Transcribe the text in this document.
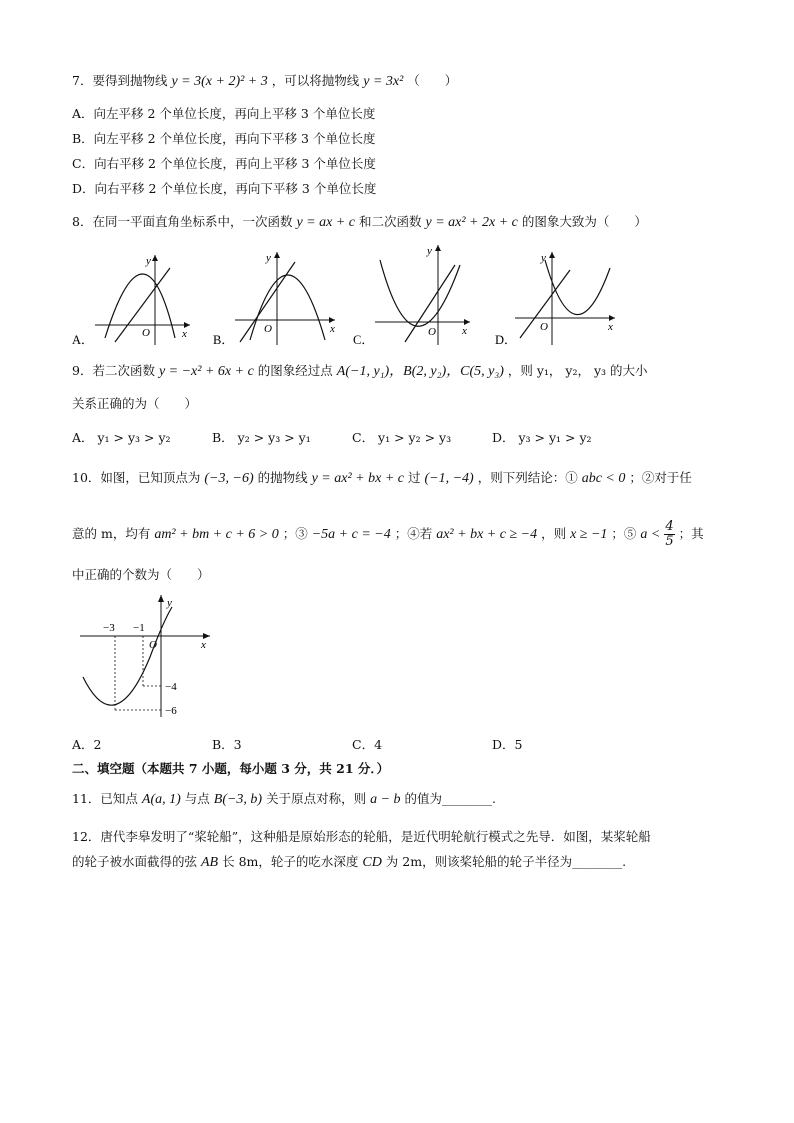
7．要得到抛物线 y = 3(x + 2)² + 3 ，可以将抛物线 y = 3x² （　　）
A．向左平移 2 个单位长度，再向上平移 3 个单位长度
B．向左平移 2 个单位长度，再向下平移 3 个单位长度
C．向右平移 2 个单位长度，再向上平移 3 个单位长度
D．向右平移 2 个单位长度，再向下平移 3 个单位长度
8．在同一平面直角坐标系中，一次函数 y = ax + c 和二次函数 y = ax² + 2x + c 的图象大致为（　　）
y
x
O
A．
y
x
O
B．
y
x
O
C．
y
x
O
D．
9．若二次函数 y = −x² + 6x + c 的图象经过点 A(−1, y₁)，B(2, y₂)，C(5, y₃) ，则 y₁， y₂， y₃ 的大小
关系正确的为（　　）
A． y₁ > y₃ > y₂	B． y₂ > y₃ > y₁	C． y₁ > y₂ > y₃	D． y₃ > y₁ > y₂
10．如图，已知顶点为 (−3, −6) 的抛物线 y = ax² + bx + c 过 (−1, −4) ，则下列结论：① abc < 0 ；②对于任
意的 m，均有 am² + bm + c + 6 > 0 ；③ −5a + c = −4 ；④若 ax² + bx + c ≥ −4 ，则 x ≥ −1 ；⑤ $a < \frac{4}{5}$ ；其
中正确的个数为（　　）
y
x
O
−3 −1
−4
−6
A．2	B．3	C．4	D．5
二、填空题（本题共 7 小题，每小题 3 分，共 21 分．）
11．已知点 A(a, 1) 与点 B(−3, b) 关于原点对称，则 a − b 的值为________.
12．唐代李皋发明了“桨轮船”，这种船是原始形态的轮船，是近代明轮航行模式之先导．如图，某桨轮船
的轮子被水面截得的弦 AB 长 8m，轮子的吃水深度 CD 为 2m，则该桨轮船的轮子半径为________.
